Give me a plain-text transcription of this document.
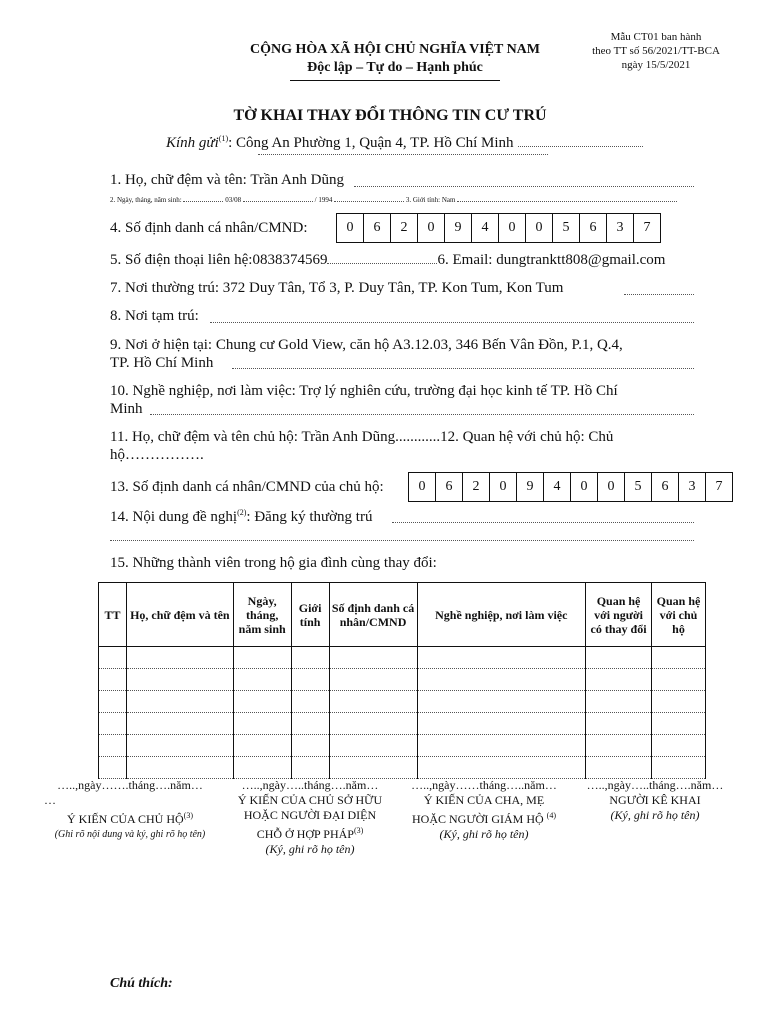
CỘNG HÒA XÃ HỘI CHỦ NGHĨA VIỆT NAM
Độc lập – Tự do – Hạnh phúc
Mẫu CT01 ban hành
theo TT số 56/2021/TT-BCA
ngày 15/5/2021
TỜ KHAI THAY ĐỔI THÔNG TIN CƯ TRÚ
Kính gửi$^{(1)}$: Công An Phường 1, Quận 4, TP. Hồ Chí Minh
1. Họ, chữ đệm và tên: Trần Anh Dũng
2. Ngày, tháng, năm sinh:	03/08	/ 1994	3. Giới tính: Nam
4. Số định danh cá nhân/CMND:	0	6	2	0	9	4	0	0	5	6	3	7
5. Số điện thoại liên hệ:0838374569	6. Email: dungtranktt808@gmail.com
7. Nơi thường trú: 372 Duy Tân, Tổ 3, P. Duy Tân, TP. Kon Tum, Kon Tum
8. Nơi tạm trú:
9. Nơi ở hiện tại: Chung cư Gold View, căn hộ A3.12.03, 346 Bến Vân Đồn, P.1, Q.4,
TP. Hồ Chí Minh
10. Nghề nghiệp, nơi làm việc: Trợ lý nghiên cứu, trường đại học kinh tế TP. Hồ Chí
Minh
11. Họ, chữ đệm và tên chủ hộ: Trần Anh Dũng............12. Quan hệ với chủ hộ: Chủ
hộ…………….
13. Số định danh cá nhân/CMND của chủ hộ:	0	6	2	0	9	4	0	0	5	6	3	7
14. Nội dung đề nghị$^{(2)}$: Đăng ký thường trú
15. Những thành viên trong hộ gia đình cùng thay đổi:
TT	Họ, chữ đệm và tên	Ngày, tháng, năm sinh	Giới tính	Số định danh cá nhân/CMND	Nghề nghiệp, nơi làm việc	Quan hệ với người có thay đổi	Quan hệ với chủ hộ

…..,ngày…….tháng….năm…
…
Ý KIẾN CỦA CHỦ HỘ$^{(3)}$
(Ghi rõ nội dung và ký, ghi rõ họ tên)
…..,ngày…..tháng….năm…
Ý KIẾN CỦA CHỦ SỞ HỮU
HOẶC NGƯỜI ĐẠI DIỆN
CHỖ Ở HỢP PHÁP$^{(3)}$
(Ký, ghi rõ họ tên)
…..,ngày……tháng…..năm…
Ý KIẾN CỦA CHA, MẸ
HOẶC NGƯỜI GIÁM HỘ $^{(4)}$
(Ký, ghi rõ họ tên)
…..,ngày…..tháng….năm…
NGƯỜI KÊ KHAI
(Ký, ghi rõ họ tên)
Chú thích:
